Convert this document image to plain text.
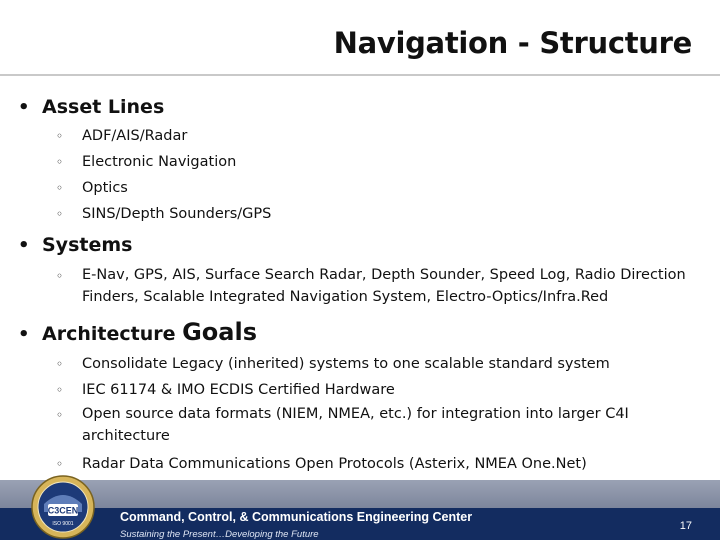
Navigation - Structure
• Asset Lines
◦	ADF/AIS/Radar
◦	Electronic Navigation
◦	Optics
◦	SINS/Depth Sounders/GPS
• Systems
◦	E-Nav, GPS, AIS, Surface Search Radar, Depth Sounder, Speed Log, Radio Direction Finders, Scalable Integrated Navigation System, Electro-Optics/Infra.Red
• Architecture Goals
◦	Consolidate Legacy (inherited) systems to one scalable standard system
◦	IEC 61174 & IMO ECDIS Certified Hardware
◦	Open source data formats (NIEM, NMEA, etc.) for integration into larger C4I architecture
◦	Radar Data Communications Open Protocols (Asterix, NMEA One.Net)
Command, Control, & Communications Engineering Center
Sustaining the Present…Developing the Future
17
C3CEN
ISO 9001
